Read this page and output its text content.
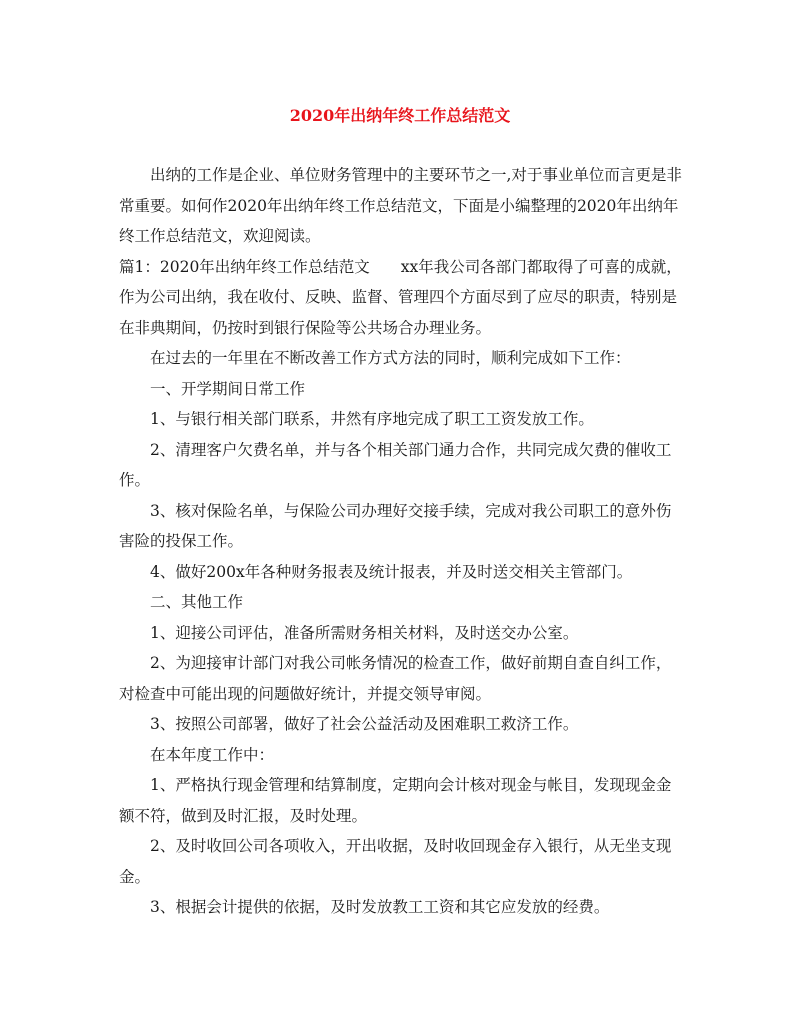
2020年出纳年终工作总结范文

出纳的工作是企业、单位财务管理中的主要环节之一,对于事业单位而言更是非常重要。如何作2020年出纳年终工作总结范文，下面是小编整理的2020年出纳年终工作总结范文，欢迎阅读。

篇1：2020年出纳年终工作总结范文　　xx年我公司各部门都取得了可喜的成就，作为公司出纳，我在收付、反映、监督、管理四个方面尽到了应尽的职责，特别是在非典期间，仍按时到银行保险等公共场合办理业务。

在过去的一年里在不断改善工作方式方法的同时，顺利完成如下工作：

一、开学期间日常工作

1、与银行相关部门联系，井然有序地完成了职工工资发放工作。

2、清理客户欠费名单，并与各个相关部门通力合作，共同完成欠费的催收工作。

3、核对保险名单，与保险公司办理好交接手续，完成对我公司职工的意外伤害险的投保工作。

4、做好200x年各种财务报表及统计报表，并及时送交相关主管部门。

二、其他工作

1、迎接公司评估，准备所需财务相关材料，及时送交办公室。

2、为迎接审计部门对我公司帐务情况的检查工作，做好前期自查自纠工作，对检查中可能出现的问题做好统计，并提交领导审阅。

3、按照公司部署，做好了社会公益活动及困难职工救济工作。

在本年度工作中：

1、严格执行现金管理和结算制度，定期向会计核对现金与帐目，发现现金金额不符，做到及时汇报，及时处理。

2、及时收回公司各项收入，开出收据，及时收回现金存入银行，从无坐支现金。

3、根据会计提供的依据，及时发放教工工资和其它应发放的经费。
